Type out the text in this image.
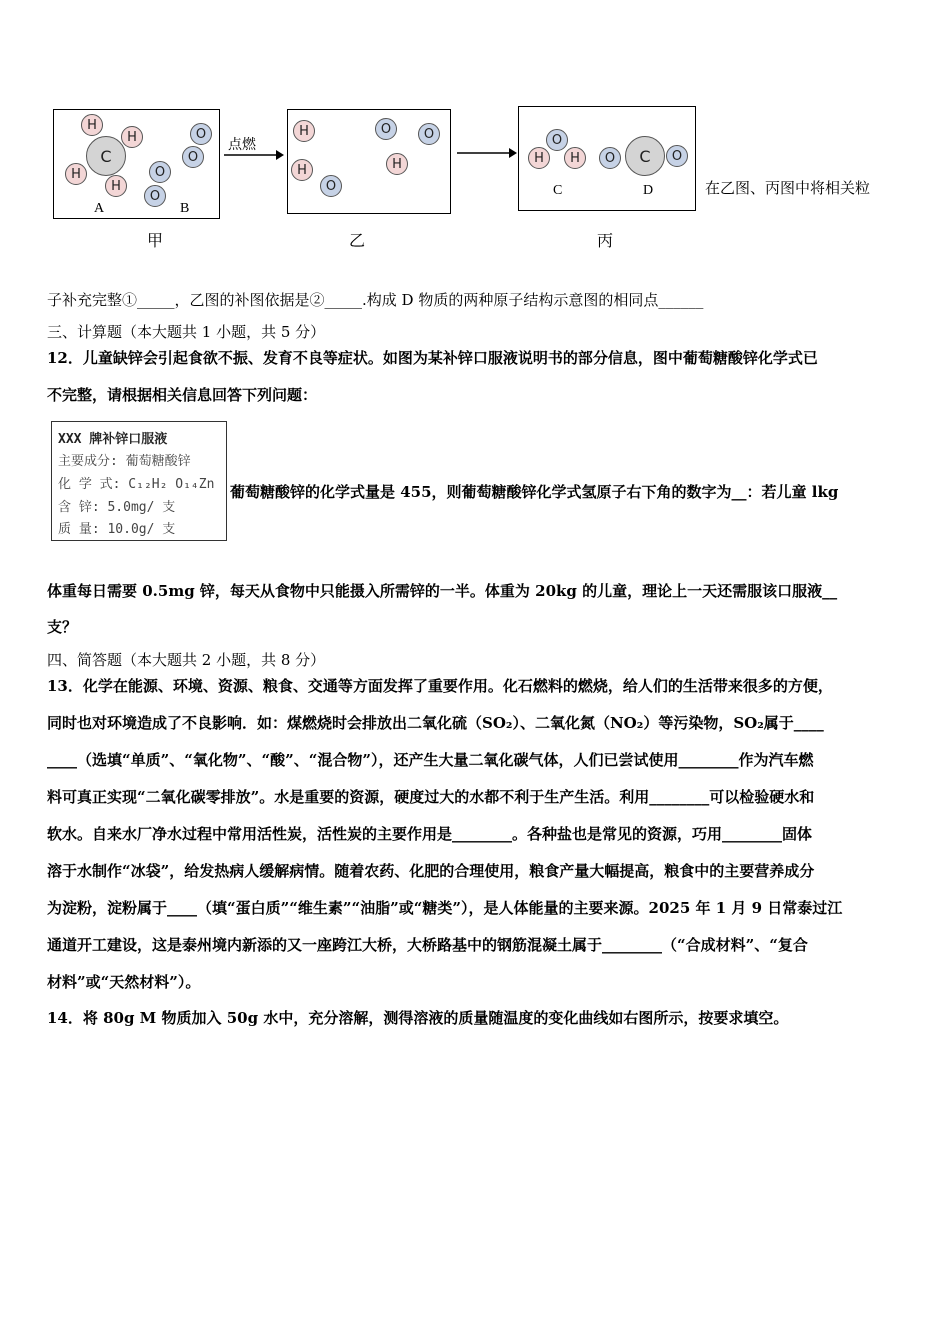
C
H
H
H
H
O
O
O
O
A	B
甲
点燃
H
H
O
O	O
H
乙
O
H	H	O	C	O
C	D
丙
在乙图、丙图中将相关粒
子补充完整①_____，乙图的补图依据是②_____.构成 D 物质的两种原子结构示意图的相同点______
三、计算题（本大题共 1 小题，共 5 分）
12．儿童缺锌会引起食欲不振、发育不良等症状。如图为某补锌口服液说明书的部分信息，图中葡萄糖酸锌化学式已
不完整，请根据相关信息回答下列问题：
XXX 牌补锌口服液
主要成分: 葡萄糖酸锌
化 学 式: C₁₂H₂ O₁₄Zn
含 锌: 5.0mg/ 支
质 量: 10.0g/ 支
葡萄糖酸锌的化学式量是 455，则葡萄糖酸锌化学式氢原子右下角的数字为__：若儿童 lkg
体重每日需要 0.5mg 锌，每天从食物中只能摄入所需锌的一半。体重为 20kg 的儿童，理论上一天还需服该口服液__
支？
四、简答题（本大题共 2 小题，共 8 分）
13．化学在能源、环境、资源、粮食、交通等方面发挥了重要作用。化石燃料的燃烧，给人们的生活带来很多的方便，
同时也对环境造成了不良影响．如：煤燃烧时会排放出二氧化硫（SO₂）、二氧化氮（NO₂）等污染物，SO₂属于____
____（选填“单质”、“氧化物”、“酸”、“混合物”），还产生大量二氧化碳气体，人们已尝试使用________作为汽车燃
料可真正实现“二氧化碳零排放”。水是重要的资源，硬度过大的水都不利于生产生活。利用________可以检验硬水和
软水。自来水厂净水过程中常用活性炭，活性炭的主要作用是________。各种盐也是常见的资源，巧用________固体
溶于水制作“冰袋”，给发热病人缓解病情。随着农药、化肥的合理使用，粮食产量大幅提高，粮食中的主要营养成分
为淀粉，淀粉属于____（填“蛋白质”“维生素”“油脂”或“糖类”），是人体能量的主要来源。2025 年 1 月 9 日常泰过江
通道开工建设，这是泰州境内新添的又一座跨江大桥，大桥路基中的钢筋混凝土属于________（“合成材料”、“复合
材料”或“天然材料”）。
14．将 80g M 物质加入 50g 水中，充分溶解，测得溶液的质量随温度的变化曲线如右图所示，按要求填空。
